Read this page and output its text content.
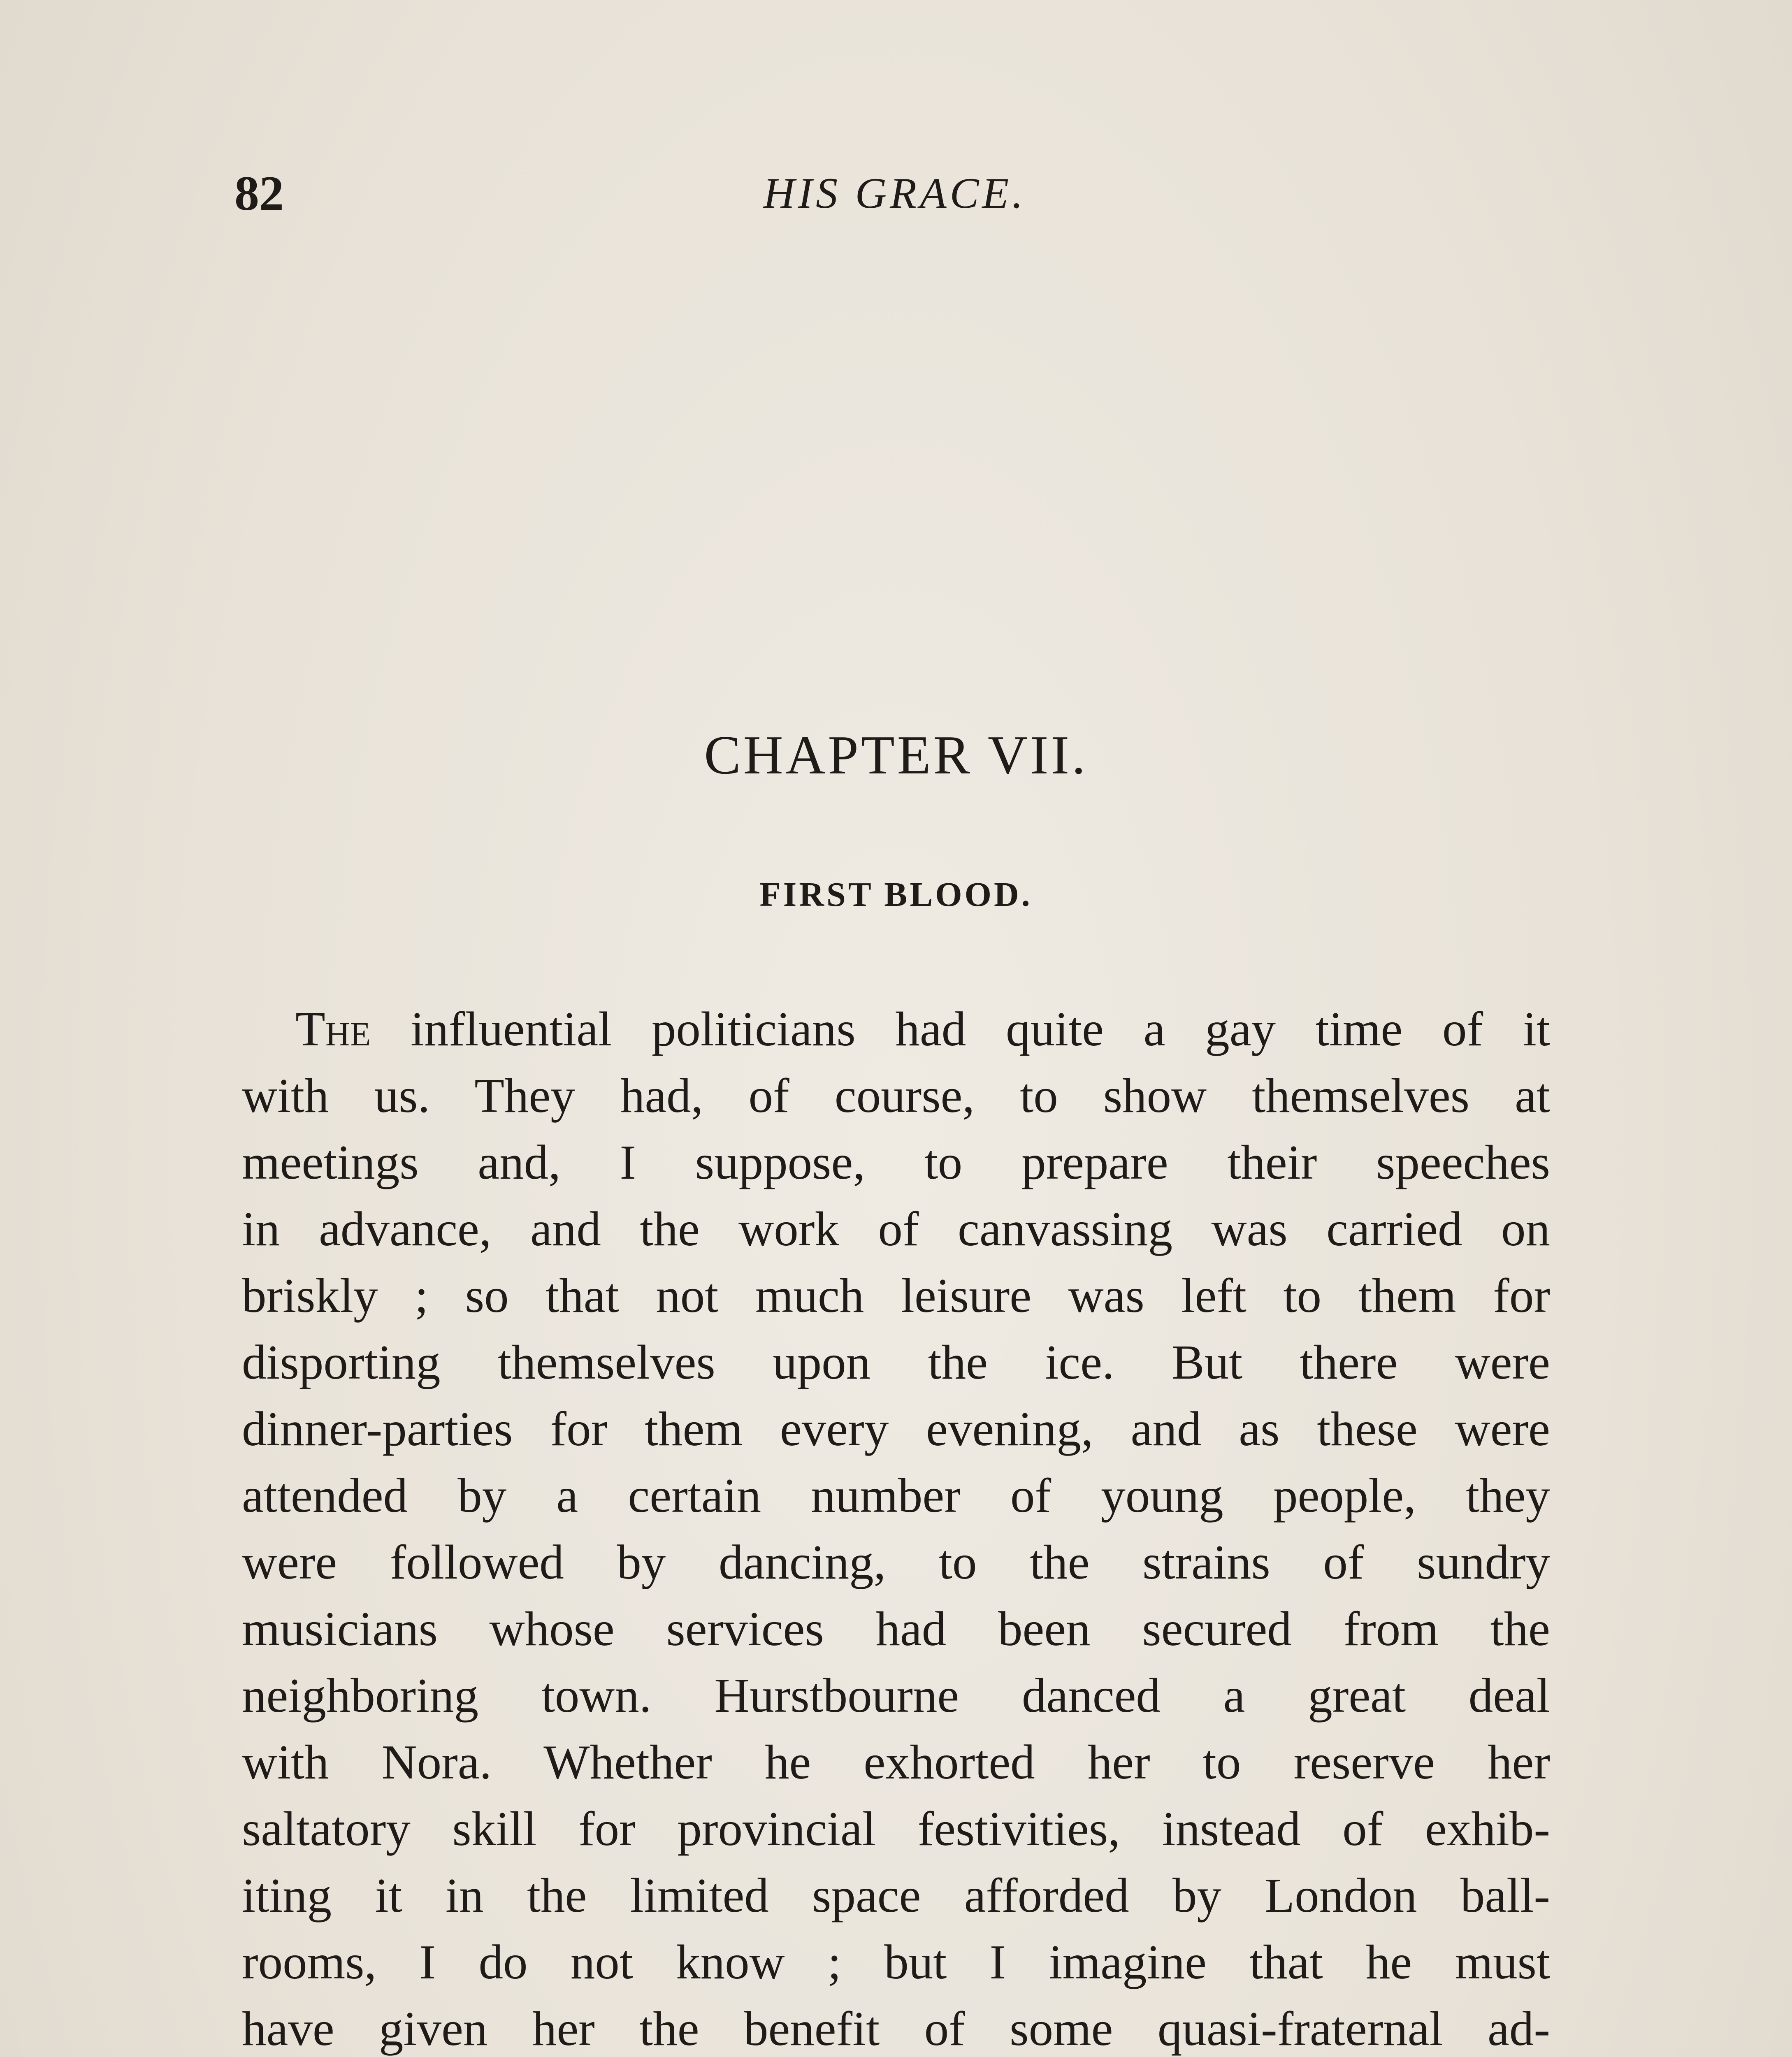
82	HIS GRACE.
CHAPTER VII.
FIRST BLOOD.
The influential politicians had quite a gay time of it
with us. They had, of course, to show themselves at
meetings and, I suppose, to prepare their speeches
in advance, and the work of canvassing was carried on
briskly ; so that not much leisure was left to them for
disporting themselves upon the ice. But there were
dinner-parties for them every evening, and as these were
attended by a certain number of young people, they
were followed by dancing, to the strains of sundry
musicians whose services had been secured from the
neighboring town. Hurstbourne danced a great deal
with Nora. Whether he exhorted her to reserve her
saltatory skill for provincial festivities, instead of exhib-
iting it in the limited space afforded by London ball-
rooms, I do not know ; but I imagine that he must
have given her the benefit of some quasi-fraternal ad-
